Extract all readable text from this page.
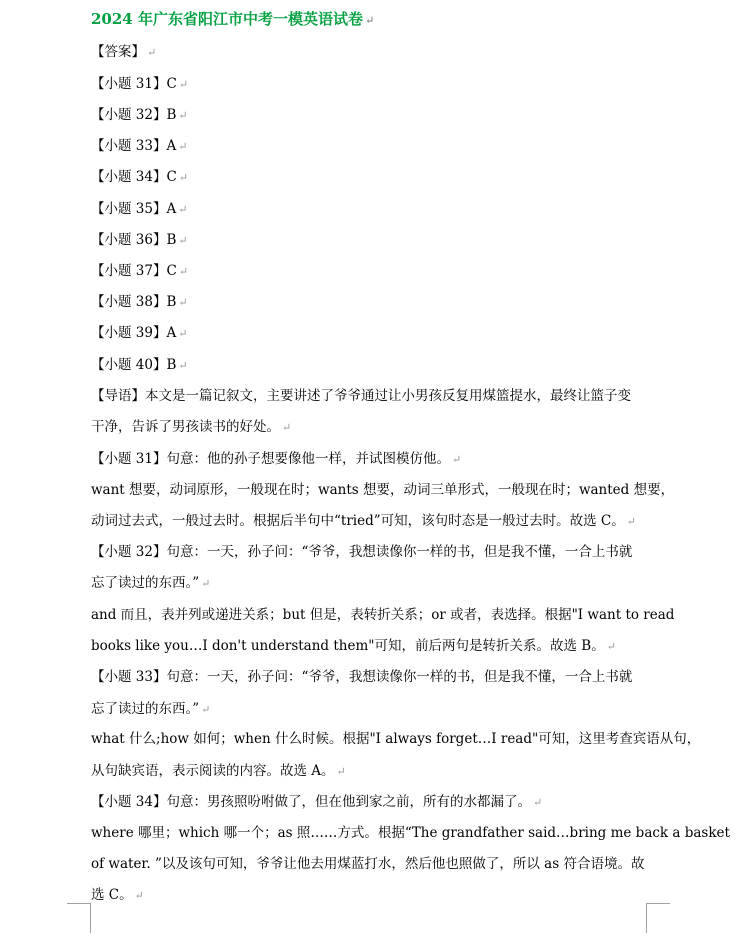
2024 年广东省阳江市中考一模英语试卷 ↵
【答案】 ↵
【小题 31】C ↵
【小题 32】B ↵
【小题 33】A ↵
【小题 34】C ↵
【小题 35】A ↵
【小题 36】B ↵
【小题 37】C ↵
【小题 38】B ↵
【小题 39】A ↵
【小题 40】B ↵
【导语】本文是一篇记叙文，主要讲述了爷爷通过让小男孩反复用煤篮提水，最终让篮子变
干净，告诉了男孩读书的好处。 ↵
【小题 31】句意：他的孙子想要像他一样，并试图模仿他。 ↵
want 想要，动词原形，一般现在时；wants 想要，动词三单形式，一般现在时；wanted 想要，
动词过去式，一般过去时。根据后半句中“tried”可知，该句时态是一般过去时。故选 C。 ↵
【小题 32】句意：一天，孙子问：“爷爷，我想读像你一样的书，但是我不懂，一合上书就
忘了读过的东西。” ↵
and 而且，表并列或递进关系；but 但是，表转折关系；or 或者，表选择。根据"I want to read
books like you…I don't understand them"可知，前后两句是转折关系。故选 B。 ↵
【小题 33】句意：一天，孙子问：“爷爷，我想读像你一样的书，但是我不懂，一合上书就
忘了读过的东西。” ↵
what 什么;how 如何；when 什么时候。根据"I always forget…I read"可知，这里考查宾语从句，
从句缺宾语，表示阅读的内容。故选 A。 ↵
【小题 34】句意：男孩照吩咐做了，但在他到家之前，所有的水都漏了。 ↵
where 哪里；which 哪一个；as 照……方式。根据“The grandfather said…bring me back a basket
of water. ”以及该句可知，爷爷让他去用煤蓝打水，然后他也照做了，所以 as 符合语境。故
选 C。 ↵
